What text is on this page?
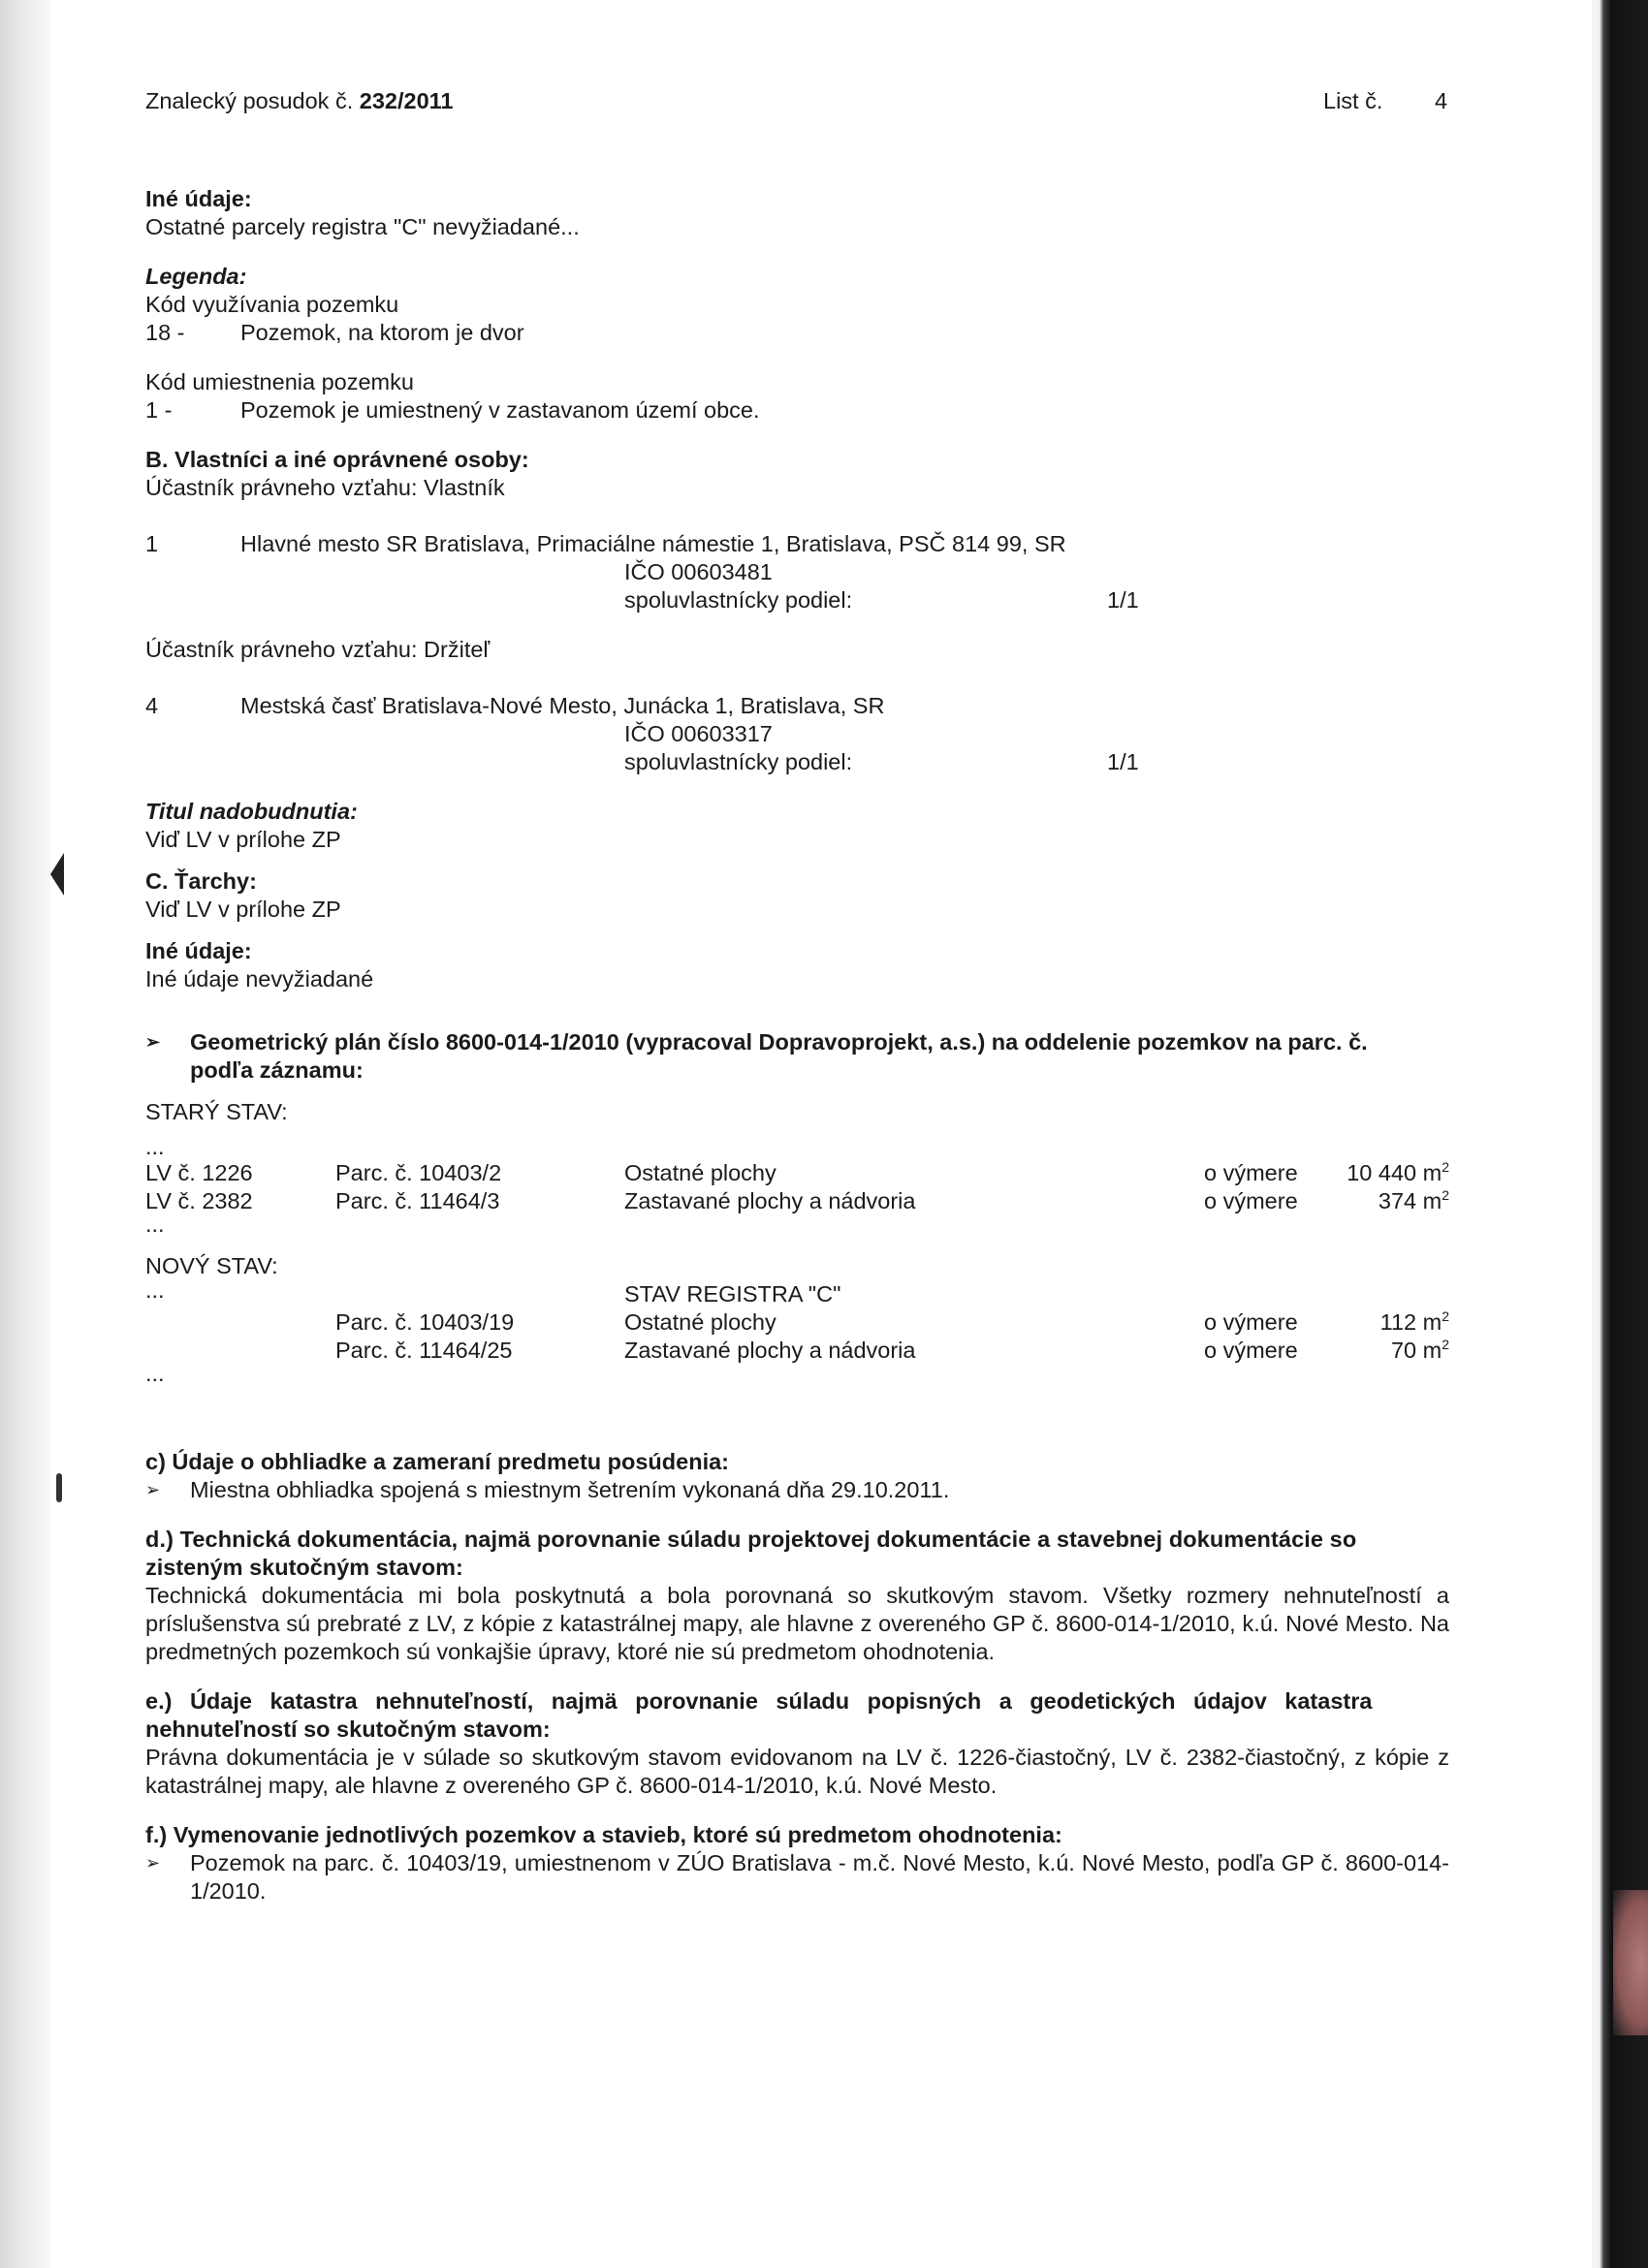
Znalecký posudok č. 232/2011	List č. 4
Iné údaje:
Ostatné parcely registra "C" nevyžiadané...
Legenda:
Kód využívania pozemku
18 - Pozemok, na ktorom je dvor
Kód umiestnenia pozemku
1 -	Pozemok je umiestnený v zastavanom území obce.
B. Vlastníci a iné oprávnené osoby:
Účastník právneho vzťahu: Vlastník
1	Hlavné mesto SR Bratislava, Primaciálne námestie 1, Bratislava, PSČ 814 99, SR
IČO 00603481
spoluvlastnícky podiel:	1/1
Účastník právneho vzťahu: Držiteľ
4	Mestská časť Bratislava-Nové Mesto, Junácka 1, Bratislava, SR
IČO 00603317
spoluvlastnícky podiel:	1/1
Titul nadobudnutia:
Viď LV v prílohe ZP
C. Ťarchy:
Viď LV v prílohe ZP
Iné údaje:
Iné údaje nevyžiadané
➢ Geometrický plán číslo 8600-014-1/2010 (vypracoval Dopravoprojekt, a.s.) na oddelenie pozemkov na parc. č.
podľa záznamu:
STARÝ STAV:
...
LV č. 1226	Parc. č. 10403/2	Ostatné plochy	o výmere 10 440 $m^2$
LV č. 2382	Parc. č. 11464/3	Zastavané plochy a nádvoria	o výmere	374 $m^2$
...
NOVÝ STAV:
...	STAV REGISTRA "C"
Parc. č. 10403/19	Ostatné plochy	o výmere	112 $m^2$
Parc. č. 11464/25	Zastavané plochy a nádvoria	o výmere	70 $m^2$
...
c) Údaje o obhliadke a zameraní predmetu posúdenia:
➢ Miestna obhliadka spojená s miestnym šetrením vykonaná dňa 29.10.2011.
d.) Technická dokumentácia, najmä porovnanie súladu projektovej dokumentácie a stavebnej dokumentácie so
zisteným skutočným stavom:
Technická dokumentácia mi bola poskytnutá a bola porovnaná so skutkovým stavom. Všetky rozmery nehnuteľností a príslušenstva sú prebraté z LV, z kópie z katastrálnej mapy, ale hlavne z overeného GP č. 8600-014-1/2010, k.ú. Nové Mesto. Na predmetných pozemkoch sú vonkajšie úpravy, ktoré nie sú predmetom ohodnotenia.
e.) Údaje katastra nehnuteľností, najmä porovnanie súladu popisných a geodetických údajov katastra
nehnuteľností so skutočným stavom:
Právna dokumentácia je v súlade so skutkovým stavom evidovanom na LV č. 1226-čiastočný, LV č. 2382-čiastočný, z kópie z katastrálnej mapy, ale hlavne z overeného GP č. 8600-014-1/2010, k.ú. Nové Mesto.
f.) Vymenovanie jednotlivých pozemkov a stavieb, ktoré sú predmetom ohodnotenia:
➢ Pozemok na parc. č. 10403/19, umiestnenom v ZÚO Bratislava - m.č. Nové Mesto, k.ú. Nové Mesto, podľa GP č. 8600-014-1/2010.
